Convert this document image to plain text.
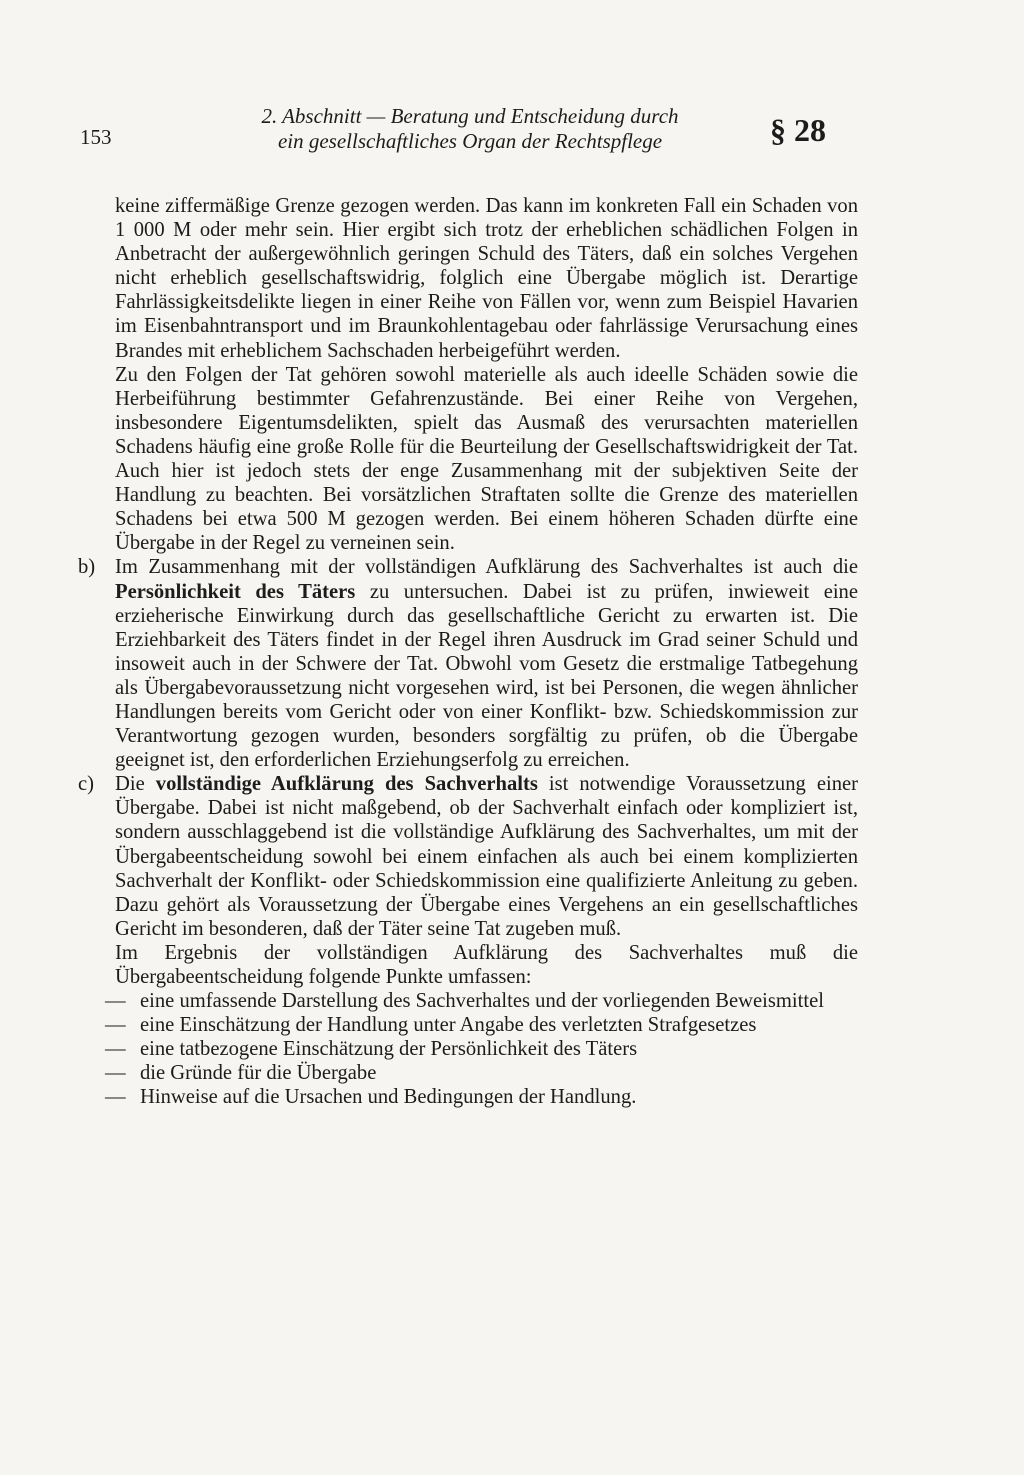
153
2. Abschnitt — Beratung und Entscheidung durch
ein gesellschaftliches Organ der Rechtspflege	§ 28

keine ziffermäßige Grenze gezogen werden. Das kann im konkreten Fall ein Schaden von 1 000 M oder mehr sein. Hier ergibt sich trotz der erheblichen schädlichen Folgen in Anbetracht der außergewöhnlich geringen Schuld des Täters, daß ein solches Vergehen nicht erheblich gesellschaftswidrig, folglich eine Übergabe möglich ist. Derartige Fahrlässigkeitsdelikte liegen in einer Reihe von Fällen vor, wenn zum Beispiel Havarien im Eisenbahntransport und im Braunkohlentagebau oder fahrlässige Verursachung eines Brandes mit erheblichem Sachschaden herbeigeführt werden.

Zu den Folgen der Tat gehören sowohl materielle als auch ideelle Schäden sowie die Herbeiführung bestimmter Gefahrenzustände. Bei einer Reihe von Vergehen, insbesondere Eigentumsdelikten, spielt das Ausmaß des verursachten materiellen Schadens häufig eine große Rolle für die Beurteilung der Gesellschaftswidrigkeit der Tat. Auch hier ist jedoch stets der enge Zusammenhang mit der subjektiven Seite der Handlung zu beachten. Bei vorsätzlichen Straftaten sollte die Grenze des materiellen Schadens bei etwa 500 M gezogen werden. Bei einem höheren Schaden dürfte eine Übergabe in der Regel zu verneinen sein.

b) Im Zusammenhang mit der vollständigen Aufklärung des Sachverhaltes ist auch die Persönlichkeit des Täters zu untersuchen. Dabei ist zu prüfen, inwieweit eine erzieherische Einwirkung durch das gesellschaftliche Gericht zu erwarten ist. Die Erziehbarkeit des Täters findet in der Regel ihren Ausdruck im Grad seiner Schuld und insoweit auch in der Schwere der Tat. Obwohl vom Gesetz die erstmalige Tatbegehung als Übergabevoraussetzung nicht vorgesehen wird, ist bei Personen, die wegen ähnlicher Handlungen bereits vom Gericht oder von einer Konflikt- bzw. Schiedskommission zur Verantwortung gezogen wurden, besonders sorgfältig zu prüfen, ob die Übergabe geeignet ist, den erforderlichen Erziehungserfolg zu erreichen.

c) Die vollständige Aufklärung des Sachverhalts ist notwendige Voraussetzung einer Übergabe. Dabei ist nicht maßgebend, ob der Sachverhalt einfach oder kompliziert ist, sondern ausschlaggebend ist die vollständige Aufklärung des Sachverhaltes, um mit der Übergabeentscheidung sowohl bei einem einfachen als auch bei einem komplizierten Sachverhalt der Konflikt- oder Schiedskommission eine qualifizierte Anleitung zu geben. Dazu gehört als Voraussetzung der Übergabe eines Vergehens an ein gesellschaftliches Gericht im besonderen, daß der Täter seine Tat zugeben muß.

Im Ergebnis der vollständigen Aufklärung des Sachverhaltes muß die Übergabeentscheidung folgende Punkte umfassen:

— eine umfassende Darstellung des Sachverhaltes und der vorliegenden Beweismittel
— eine Einschätzung der Handlung unter Angabe des verletzten Strafgesetzes
— eine tatbezogene Einschätzung der Persönlichkeit des Täters
— die Gründe für die Übergabe
— Hinweise auf die Ursachen und Bedingungen der Handlung.
